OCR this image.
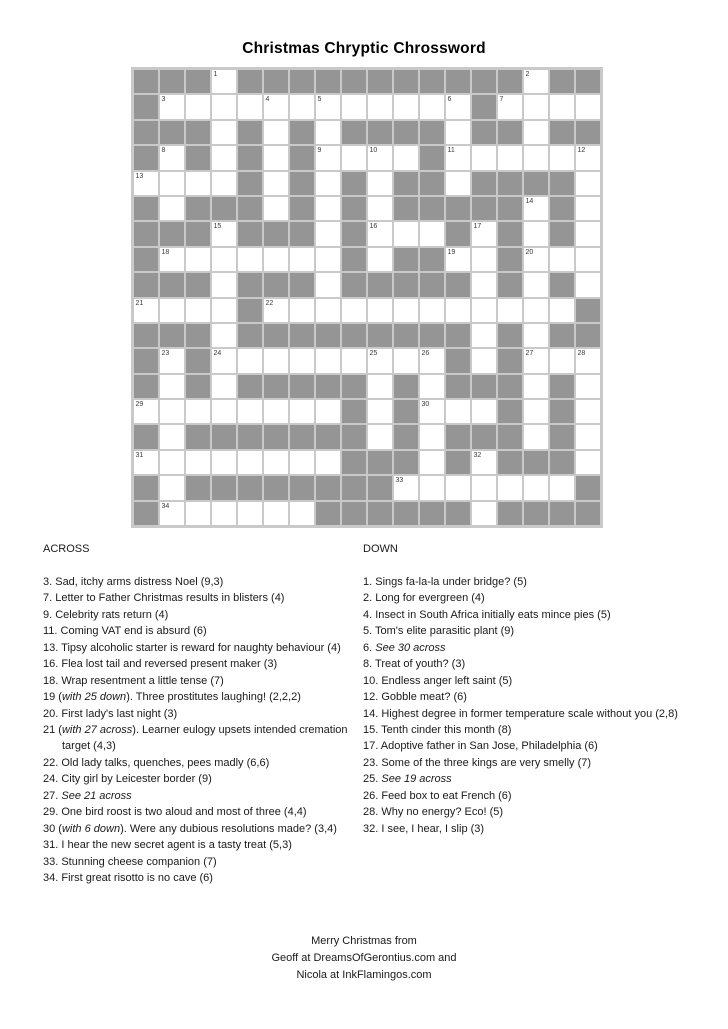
Christmas Chryptic Chrossword
1	2
3	4	5	6	7
8	9	10	11	12
13
14
15	16	17
18	19	20
21	22
23	24	25	26	27	28
29	30
31	32
33
34
ACROSS
3. Sad, itchy arms distress Noel (9,3)
7. Letter to Father Christmas results in blisters (4)
9. Celebrity rats return (4)
11. Coming VAT end is absurd (6)
13. Tipsy alcoholic starter is reward for naughty behaviour (4)
16. Flea lost tail and reversed present maker (3)
18. Wrap resentment a little tense (7)
19 (with 25 down). Three prostitutes laughing! (2,2,2)
20. First lady's last night (3)
21 (with 27 across). Learner eulogy upsets intended cremation target (4,3)
22. Old lady talks, quenches, pees madly (6,6)
24. City girl by Leicester border (9)
27. See 21 across
29. One bird roost is two aloud and most of three (4,4)
30 (with 6 down). Were any dubious resolutions made? (3,4)
31. I hear the new secret agent is a tasty treat (5,3)
33. Stunning cheese companion (7)
34. First great risotto is no cave (6)
DOWN
1. Sings fa-la-la under bridge? (5)
2. Long for evergreen (4)
4. Insect in South Africa initially eats mince pies (5)
5. Tom's elite parasitic plant (9)
6. See 30 across
8. Treat of youth? (3)
10. Endless anger left saint (5)
12. Gobble meat? (6)
14. Highest degree in former temperature scale without you (2,8)
15. Tenth cinder this month (8)
17. Adoptive father in San Jose, Philadelphia (6)
23. Some of the three kings are very smelly (7)
25. See 19 across
26. Feed box to eat French (6)
28. Why no energy? Eco! (5)
32. I see, I hear, I slip (3)
Merry Christmas from
Geoff at DreamsOfGerontius.com and
Nicola at InkFlamingos.com
